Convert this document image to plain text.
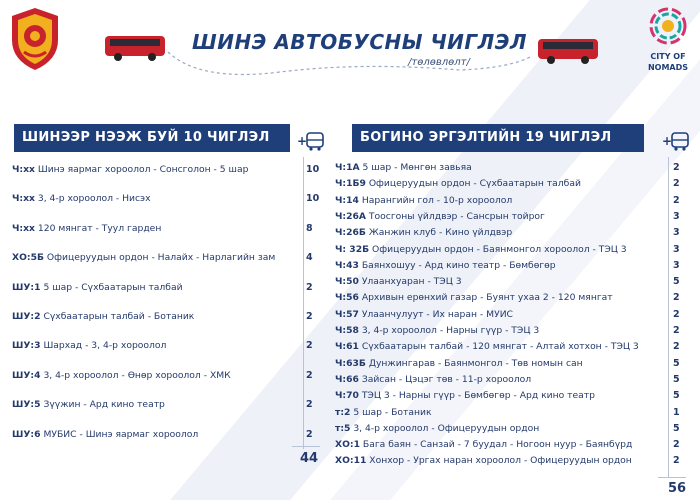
CITY OF
NOMADS
ШИНЭ АВТОБУСНЫ ЧИГЛЭЛ
/төлөвлөлт/
ШИНЭЭР НЭЭЖ БУЙ 10 ЧИГЛЭЛ	+
Ч:хх Шинэ яармаг хороолол - Сонсголон - 5 шар	10
Ч:хх 3, 4-р хороолол - Нисэх	10
Ч:хх 120 мянгат - Туул гарден	8
ХО:5Б Офицеруудын ордон - Налайх - Нарлагийн зам	4
ШУ:1 5 шар - Сүхбаатарын талбай	2
ШУ:2 Сүхбаатарын талбай - Ботаник	2
ШУ:3 Шархад - 3, 4-р хороолол	2
ШУ:4 3, 4-р хороолол - Өнөр хороолол - ХМК	2
ШУ:5 Зүүжин - Ард кино театр	2
ШУ:6 МУБИС - Шинэ яармаг хороолол	2
44
БОГИНО ЭРГЭЛТИЙН 19 ЧИГЛЭЛ	+
Ч:1А 5 шар - Мөнгөн завьяа	2
Ч:1Б9 Офицеруудын ордон - Сүхбаатарын талбай	2
Ч:14 Нарангийн гол - 10-р хороолол	2
Ч:26А Тоосгоны үйлдвэр - Сансрын тойрог	3
Ч:26Б Жанжин клуб - Кино үйлдвэр	3
Ч: 32Б Офицеруудын ордон - Баянмонгол хороолол - ТЭЦ 3	3
Ч:43 Баянхошуу - Ард кино театр - Бөмбөгөр	3
Ч:50 Улаанхуаран - ТЭЦ 3	5
Ч:56 Архивын ерөнхий газар - Буянт ухаа 2 - 120 мянгат	2
Ч:57 Улаанчулуут - Их наран - МУИС	2
Ч:58 3, 4-р хороолол - Нарны гүүр - ТЭЦ 3	2
Ч:61 Сүхбаатарын талбай - 120 мянгат - Алтай хотхон - ТЭЦ 3	2
Ч:63Б Дунжингарав - Баянмонгол - Төв номын сан	5
Ч:66 Зайсан - Цэцэг төв - 11-р хороолол	5
Ч:70 ТЭЦ 3 - Нарны гүүр - Бөмбөгөр - Ард кино театр	5
т:2 5 шар - Ботаник	1
т:5 3, 4-р хороолол - Офицеруудын ордон	5
ХО:1 Бага баян - Санзай - 7 буудал - Ногоон нуур - Баянбүрд	2
ХО:11 Хонхор - Ургах наран хороолол - Офицеруудын ордон	2
56
